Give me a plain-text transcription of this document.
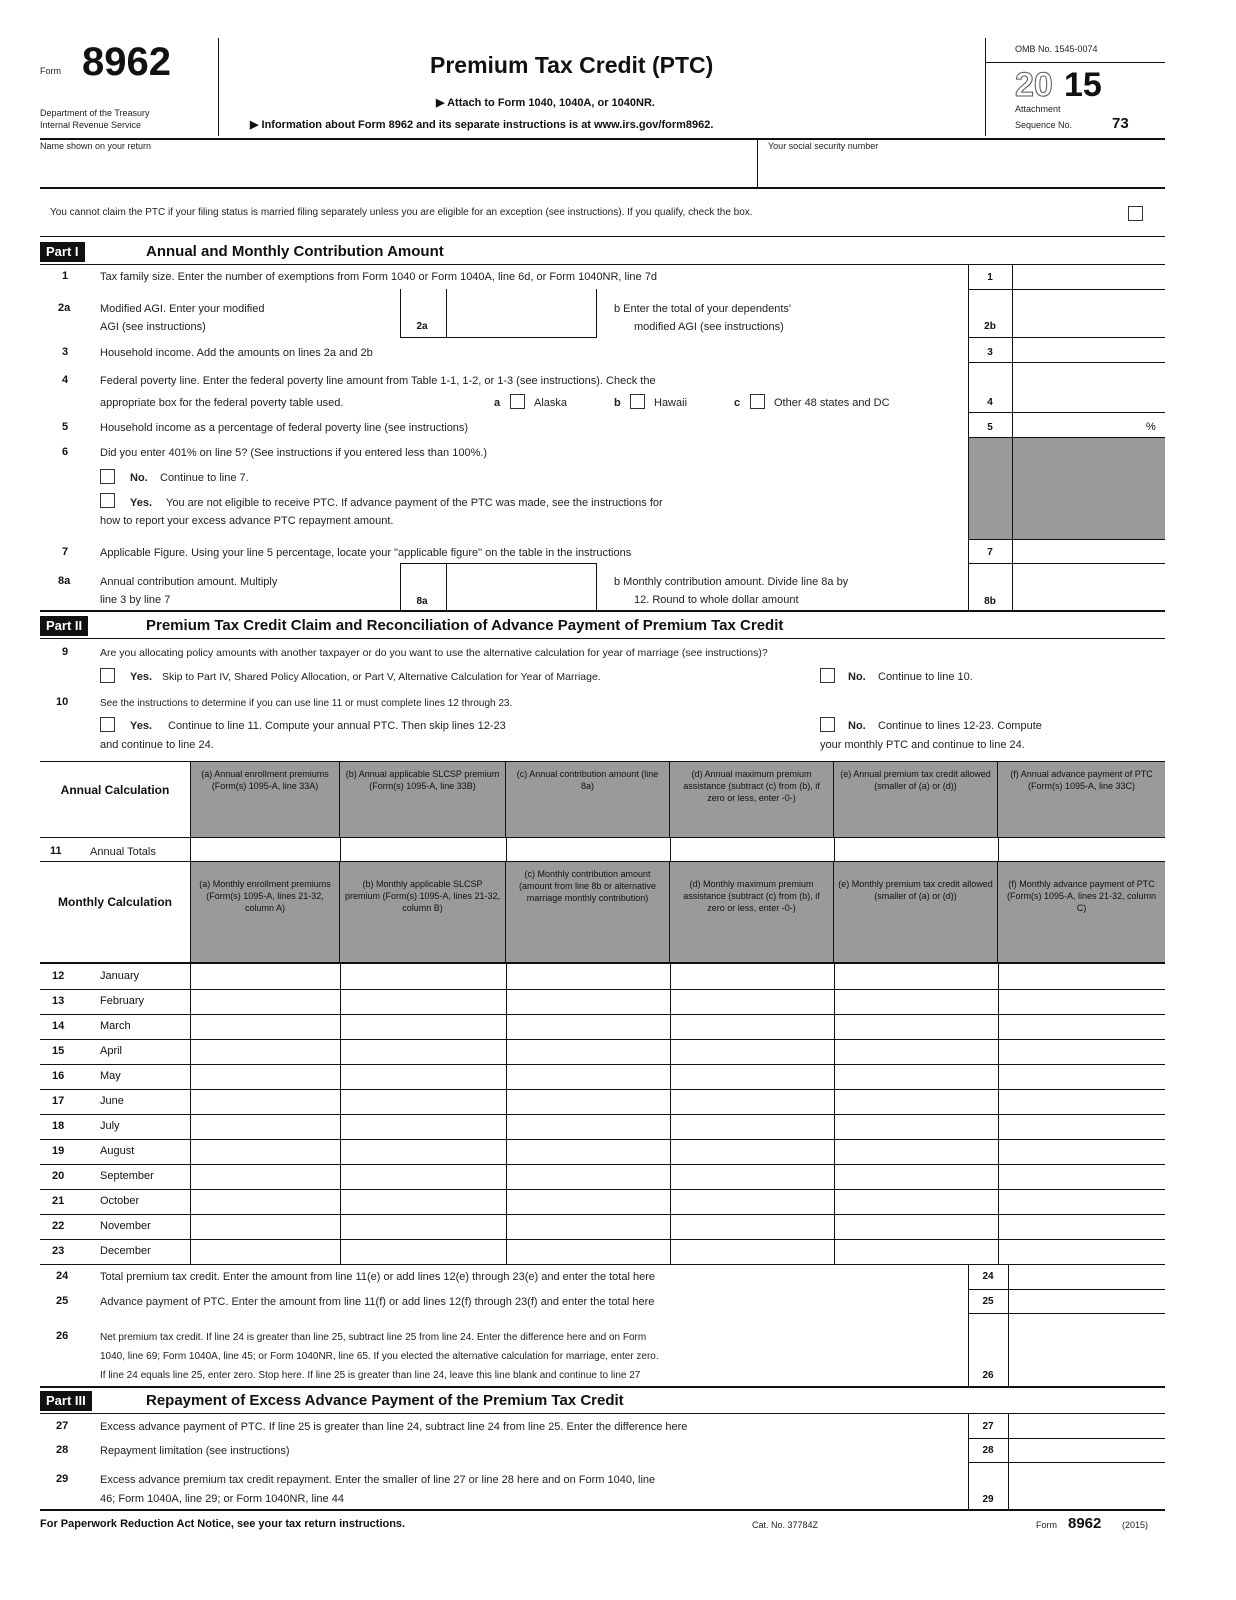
Form 8962
Department of the Treasury
Internal Revenue Service
Premium Tax Credit (PTC)
▶ Attach to Form 1040, 1040A, or 1040NR.
▶ Information about Form 8962 and its separate instructions is at www.irs.gov/form8962.
OMB No. 1545-0074
20 15
Attachment
Sequence No.	73
Name shown on your return	Your social security number
You cannot claim the PTC if your filing status is married filing separately unless you are eligible for an exception (see instructions). If you qualify, check the box.
Part I	Annual and Monthly Contribution Amount
1	Tax family size. Enter the number of exemptions from Form 1040 or Form 1040A, line 6d, or Form 1040NR, line 7d	1
2a	Modified AGI. Enter your modified
AGI (see instructions)	2a
b Enter the total of your dependents'
modified AGI (see instructions)	2b
3	Household income. Add the amounts on lines 2a and 2b	3
4	Federal poverty line. Enter the federal poverty line amount from Table 1-1, 1-2, or 1-3 (see instructions). Check the
appropriate box for the federal poverty table used.	a	Alaska	b	Hawaii	c	Other 48 states and DC	4
5	Household income as a percentage of federal poverty line (see instructions)	5	%
6	Did you enter 401% on line 5? (See instructions if you entered less than 100%.)
No. Continue to line 7.
Yes. You are not eligible to receive PTC. If advance payment of the PTC was made, see the instructions for
how to report your excess advance PTC repayment amount.
7	Applicable Figure. Using your line 5 percentage, locate your "applicable figure" on the table in the instructions	7
8a	Annual contribution amount. Multiply
line 3 by line 7	8a
b Monthly contribution amount. Divide line 8a by
12. Round to whole dollar amount	8b
Part II	Premium Tax Credit Claim and Reconciliation of Advance Payment of Premium Tax Credit
9	Are you allocating policy amounts with another taxpayer or do you want to use the alternative calculation for year of marriage (see instructions)?
Yes. Skip to Part IV, Shared Policy Allocation, or Part V, Alternative Calculation for Year of Marriage.	No. Continue to line 10.
10	See the instructions to determine if you can use line 11 or must complete lines 12 through 23.
Yes. Continue to line 11. Compute your annual PTC. Then skip lines 12-23
and continue to line 24.
No. Continue to lines 12-23. Compute
your monthly PTC and continue to line 24.
Annual Calculation
(a) Annual enrollment premiums (Form(s) 1095-A, line 33A)
(b) Annual applicable SLCSP premium (Form(s) 1095-A, line 33B)
(c) Annual contribution amount (line 8a)
(d) Annual maximum premium assistance (subtract (c) from (b), if zero or less, enter -0-)
(e) Annual premium tax credit allowed (smaller of (a) or (d))
(f) Annual advance payment of PTC (Form(s) 1095-A, line 33C)
11	Annual Totals
Monthly Calculation
(a) Monthly enrollment premiums (Form(s) 1095-A, lines 21-32, column A)
(b) Monthly applicable SLCSP premium (Form(s) 1095-A, lines 21-32, column B)
(c) Monthly contribution amount (amount from line 8b or alternative marriage monthly contribution)
(d) Monthly maximum premium assistance (subtract (c) from (b), if zero or less, enter -0-)
(e) Monthly premium tax credit allowed (smaller of (a) or (d))
(f) Monthly advance payment of PTC (Form(s) 1095-A, lines 21-32, column C)
12	January
13	February
14	March
15	April
16	May
17	June
18	July
19	August
20	September
21	October
22	November
23	December
24	Total premium tax credit. Enter the amount from line 11(e) or add lines 12(e) through 23(e) and enter the total here	24
25	Advance payment of PTC. Enter the amount from line 11(f) or add lines 12(f) through 23(f) and enter the total here	25
26	Net premium tax credit. If line 24 is greater than line 25, subtract line 25 from line 24. Enter the difference here and on Form
1040, line 69; Form 1040A, line 45; or Form 1040NR, line 65. If you elected the alternative calculation for marriage, enter zero.
If line 24 equals line 25, enter zero. Stop here. If line 25 is greater than line 24, leave this line blank and continue to line 27	26
Part III	Repayment of Excess Advance Payment of the Premium Tax Credit
27	Excess advance payment of PTC. If line 25 is greater than line 24, subtract line 24 from line 25. Enter the difference here	27
28	Repayment limitation (see instructions)	28
29	Excess advance premium tax credit repayment. Enter the smaller of line 27 or line 28 here and on Form 1040, line
46; Form 1040A, line 29; or Form 1040NR, line 44	29
For Paperwork Reduction Act Notice, see your tax return instructions.	Cat. No. 37784Z	Form 8962 (2015)
